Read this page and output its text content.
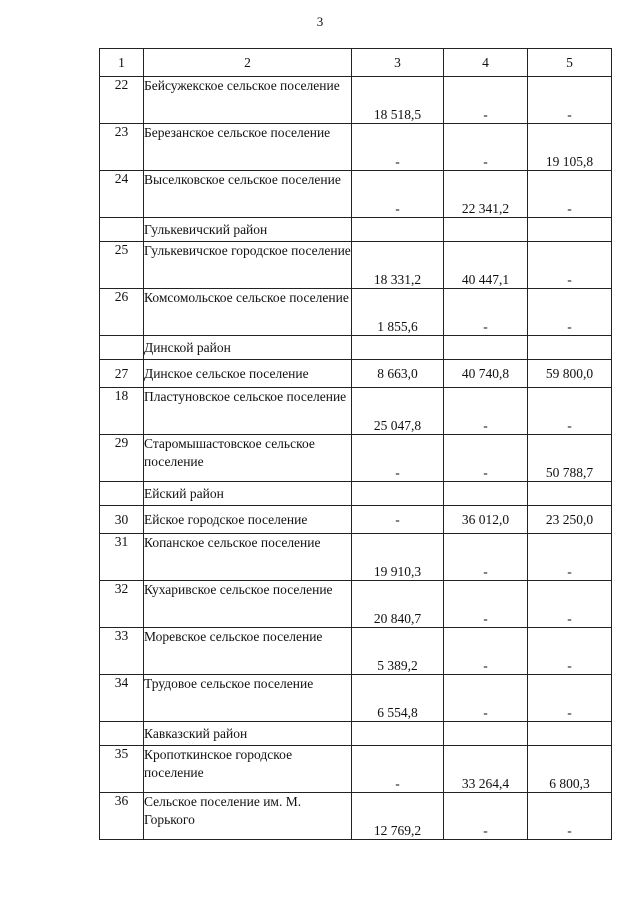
3
1	2	3	4	5
22	Бейсужекское сельское поселение	18 518,5	-	-
23	Березанское сельское поселение	-	-	19 105,8
24	Выселковское сельское поселение	-	22 341,2	-
	Гулькевичский район			
25	Гулькевичское городское поселение	18 331,2	40 447,1	-
26	Комсомольское сельское поселение	1 855,6	-	-
	Динской район			
27	Динское сельское поселение	8 663,0	40 740,8	59 800,0
18	Пластуновское сельское поселение	25 047,8	-	-
29	Старомышастовское сельское поселение	-	-	50 788,7
	Ейский район			
30	Ейское городское поселение	-	36 012,0	23 250,0
31	Копанское сельское поселение	19 910,3	-	-
32	Кухаривское сельское поселение	20 840,7	-	-
33	Моревское сельское поселение	5 389,2	-	-
34	Трудовое сельское поселение	6 554,8	-	-
	Кавказский район			
35	Кропоткинское городское поселение	-	33 264,4	6 800,3
36	Сельское поселение им. М. Горького	12 769,2	-	-
